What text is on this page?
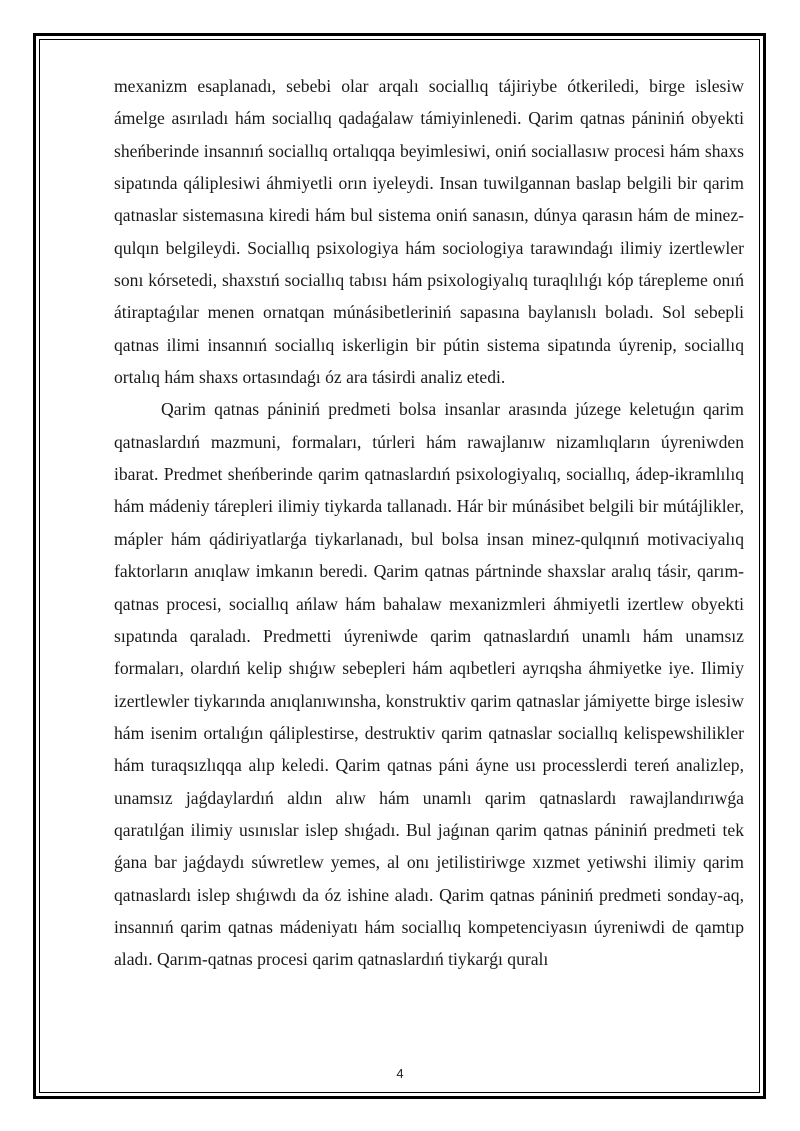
mexanizm esaplanadı, sebebi olar arqalı sociallıq tájiriybe ótkeriledi, birge islesiw ámelge asırıladı hám sociallıq qadaǵalaw támiyinlenedi. Qarim qatnas pániniń obyekti sheńberinde insannıń sociallıq ortalıqqa beyimlesiwi, oniń sociallasıw procesi hám shaxs sipatında qáliplesiwi áhmiyetli orın iyeleydi. Insan tuwilgannan baslap belgili bir qarim qatnaslar sistemasına kiredi hám bul sistema oniń sanasın, dúnya qarasın hám de minez-qulqın belgileydi. Sociallıq psixologiya hám sociologiya tarawındaǵı ilimiy izertlewler sonı kórsetedi, shaxstıń sociallıq tabısı hám psixologiyalıq turaqlılıǵı kóp tárepleme onıń átiraptaǵılar menen ornatqan múnásibetleriniń sapasına baylanıslı boladı. Sol sebepli qatnas ilimi insannıń sociallıq iskerligin bir pútin sistema sipatında úyrenip, sociallıq ortalıq hám shaxs ortasındaǵı óz ara tásirdi analiz etedi.

Qarim qatnas pániniń predmeti bolsa insanlar arasında júzege keletuǵın qarim qatnaslardıń mazmuni, formaları, túrleri hám rawajlanıw nizamlıqların úyreniwden ibarat. Predmet sheńberinde qarim qatnaslardıń psixologiyalıq, sociallıq, ádep-ikramlılıq hám mádeniy tárepleri ilimiy tiykarda tallanadı. Hár bir múnásibet belgili bir mútájlikler, mápler hám qádiriyatlarǵa tiykarlanadı, bul bolsa insan minez-qulqınıń motivaciyalıq faktorların anıqlaw imkanın beredi. Qarim qatnas pártninde shaxslar aralıq tásir, qarım-qatnas procesi, sociallıq ańlaw hám bahalaw mexanizmleri áhmiyetli izertlew obyekti sıpatında qaraladı. Predmetti úyreniwde qarim qatnaslardıń unamlı hám unamsız formaları, olardıń kelip shıǵıw sebepleri hám aqıbetleri ayrıqsha áhmiyetke iye. Ilimiy izertlewler tiykarında anıqlanıwınsha, konstruktiv qarim qatnaslar jámiyette birge islesiw hám isenim ortalıǵın qáliplestirse, destruktiv qarim qatnaslar sociallıq kelispewshilikler hám turaqsızlıqqa alıp keledi. Qarim qatnas páni áyne usı processlerdi tereń analizlep, unamsız jaǵdaylardıń aldın alıw hám unamlı qarim qatnaslardı rawajlandırıwǵa qaratılǵan ilimiy usınıslar islep shıǵadı. Bul jaǵınan qarim qatnas pániniń predmeti tek ǵana bar jaǵdaydı súwretlew yemes, al onı jetilistiriwge xızmet yetiwshi ilimiy qarim qatnaslardı islep shıǵıwdı da óz ishine aladı. Qarim qatnas pániniń predmeti sonday-aq, insannıń qarim qatnas mádeniyatı hám sociallıq kompetenciyasın úyreniwdi de qamtıp aladı. Qarım-qatnas procesi qarim qatnaslardıń tiykarǵı quralı

4
